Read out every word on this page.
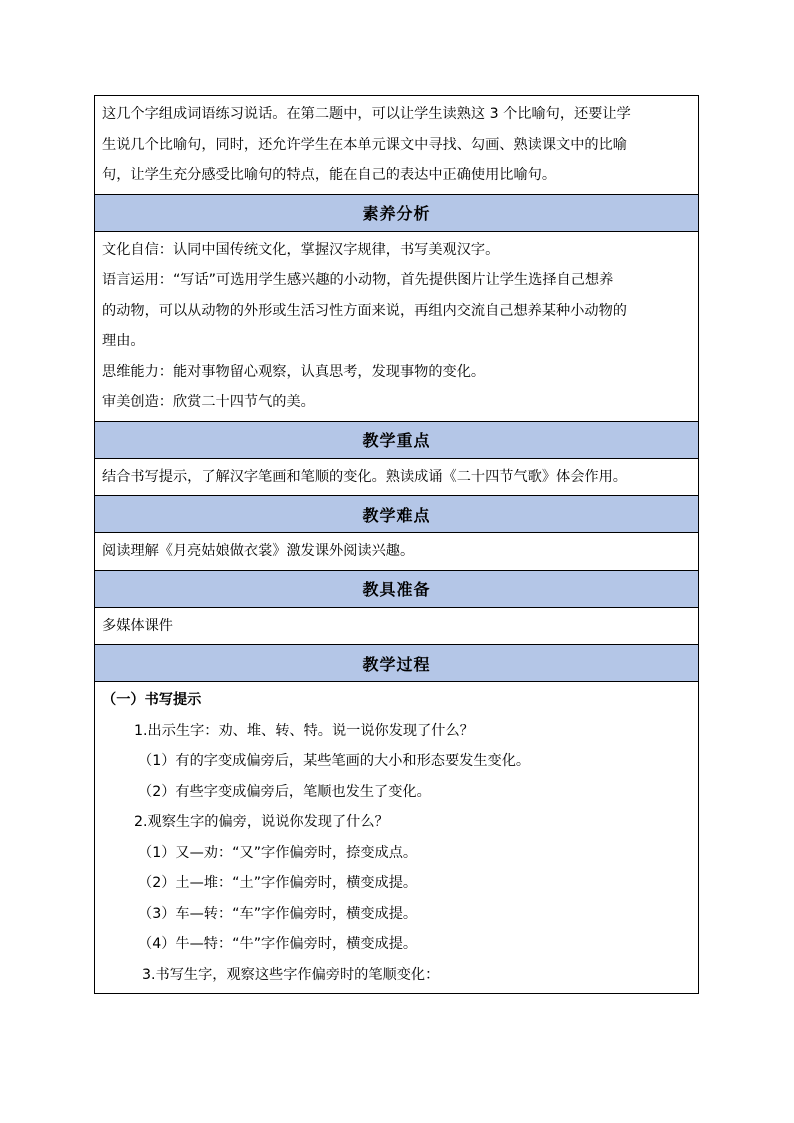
这几个字组成词语练习说话。在第二题中，可以让学生读熟这 3 个比喻句，还要让学

生说几个比喻句，同时，还允许学生在本单元课文中寻找、勾画、熟读课文中的比喻

句，让学生充分感受比喻句的特点，能在自己的表达中正确使用比喻句。

素养分析

文化自信：认同中国传统文化，掌握汉字规律，书写美观汉字。

语言运用：“写话”可选用学生感兴趣的小动物，首先提供图片让学生选择自己想养

的动物，可以从动物的外形或生活习性方面来说，再组内交流自己想养某种小动物的

理由。

思维能力：能对事物留心观察，认真思考，发现事物的变化。

审美创造：欣赏二十四节气的美。

教学重点

结合书写提示，了解汉字笔画和笔顺的变化。熟读成诵《二十四节气歌》体会作用。

教学难点

阅读理解《月亮姑娘做衣裳》激发课外阅读兴趣。

教具准备

多媒体课件

教学过程

（一）书写提示

1.出示生字：劝、堆、转、特。说一说你发现了什么？

（1）有的字变成偏旁后，某些笔画的大小和形态要发生变化。

（2）有些字变成偏旁后，笔顺也发生了变化。

2.观察生字的偏旁，说说你发现了什么？

（1）又—劝：“又”字作偏旁时，捺变成点。

（2）土—堆：“土”字作偏旁时，横变成提。

（3）车—转：“车”字作偏旁时，横变成提。

（4）牛—特：“牛”字作偏旁时，横变成提。

3.书写生字，观察这些字作偏旁时的笔顺变化：
